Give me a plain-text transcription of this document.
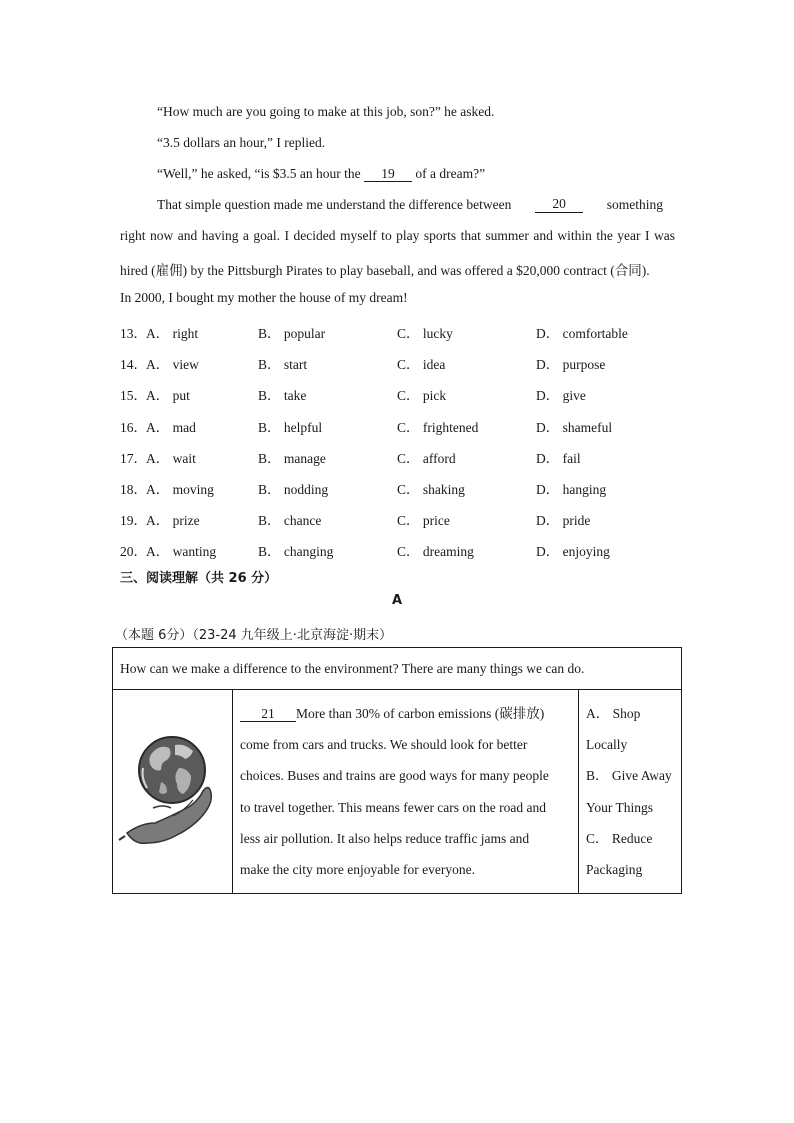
“How much are you going to make at this job, son?” he asked.
“3.5 dollars an hour,” I replied.
“Well,” he asked, “is $3.5 an hour the 19 of a dream?”
That simple question made me understand the difference between	20	something
right now and having a goal. I decided myself to play sports that summer and within the year I was
hired (雇佣) by the Pittsburgh Pirates to play baseball, and was offered a $20,000 contract (合同).
In 2000, I bought my mother the house of my dream!
13． A． right	B． popular	C． lucky	D． comfortable
14． A． view	B． start	C． idea	D． purpose
15． A． put	B． take	C． pick	D． give
16． A． mad	B． helpful	C． frightened	D． shameful
17． A． wait	B． manage	C． afford	D． fail
18． A． moving	B． nodding	C． shaking	D． hanging
19． A． prize	B． chance	C． price	D． pride
20． A． wanting	B． changing	C． dreaming	D． enjoying
三、阅读理解（共 26 分）
A
（本题 6分）（23-24 九年级上·北京海淀·期末）
How can we make a difference to the environment? There are many things we can do.

21 More than 30% of carbon emissions (碳排放)
come from cars and trucks. We should look for better
choices. Buses and trains are good ways for many people
to travel together. This means fewer cars on the road and
less air pollution. It also helps reduce traffic jams and
make the city more enjoyable for everyone.

A． Shop
Locally
B． Give Away
Your Things
C． Reduce
Packaging
